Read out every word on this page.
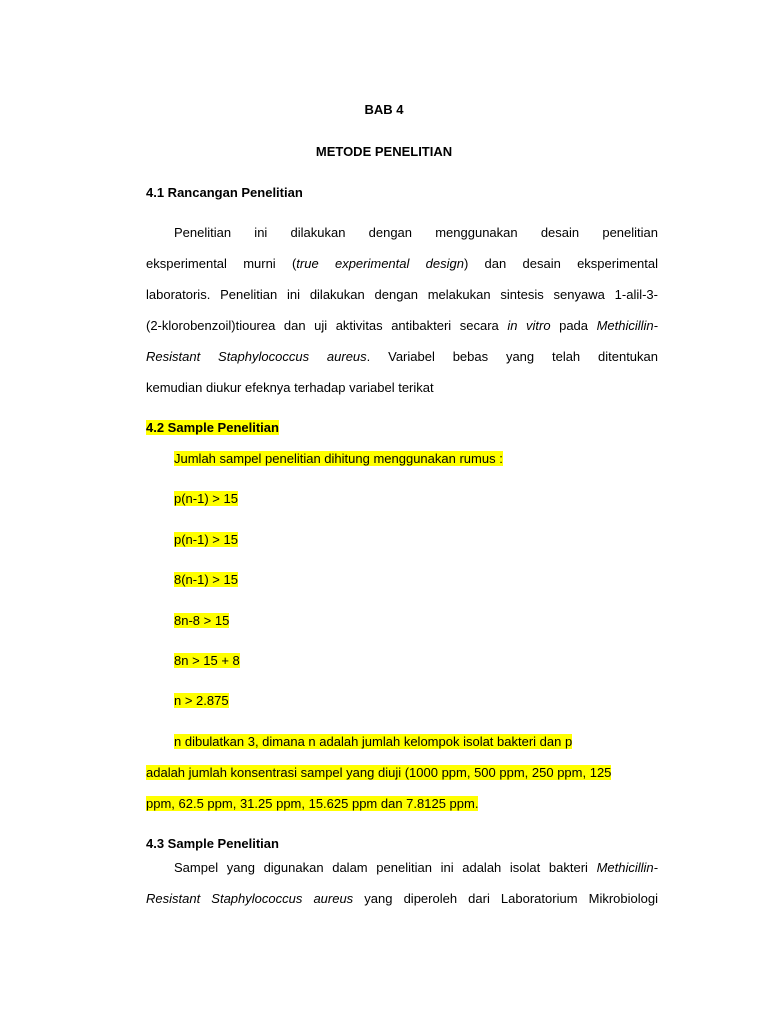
BAB 4
METODE PENELITIAN
4.1 Rancangan Penelitian
Penelitian ini dilakukan dengan menggunakan desain penelitian
eksperimental murni (true experimental design) dan desain eksperimental
laboratoris. Penelitian ini dilakukan dengan melakukan sintesis senyawa 1-alil-3-
(2-klorobenzoil)tiourea dan uji aktivitas antibakteri secara in vitro pada Methicillin-
Resistant Staphylococcus aureus. Variabel bebas yang telah ditentukan
kemudian diukur efeknya terhadap variabel terikat
4.2 Sample Penelitian
Jumlah sampel penelitian dihitung menggunakan rumus :
p(n-1) > 15
p(n-1) > 15
8(n-1) > 15
8n-8 > 15
8n > 15 + 8
n > 2.875
n dibulatkan 3, dimana n adalah jumlah kelompok isolat bakteri dan p
adalah jumlah konsentrasi sampel yang diuji (1000 ppm, 500 ppm, 250 ppm, 125
ppm, 62.5 ppm, 31.25 ppm, 15.625 ppm dan 7.8125 ppm.
4.3 Sample Penelitian
Sampel yang digunakan dalam penelitian ini adalah isolat bakteri Methicillin-
Resistant Staphylococcus aureus yang diperoleh dari Laboratorium Mikrobiologi
